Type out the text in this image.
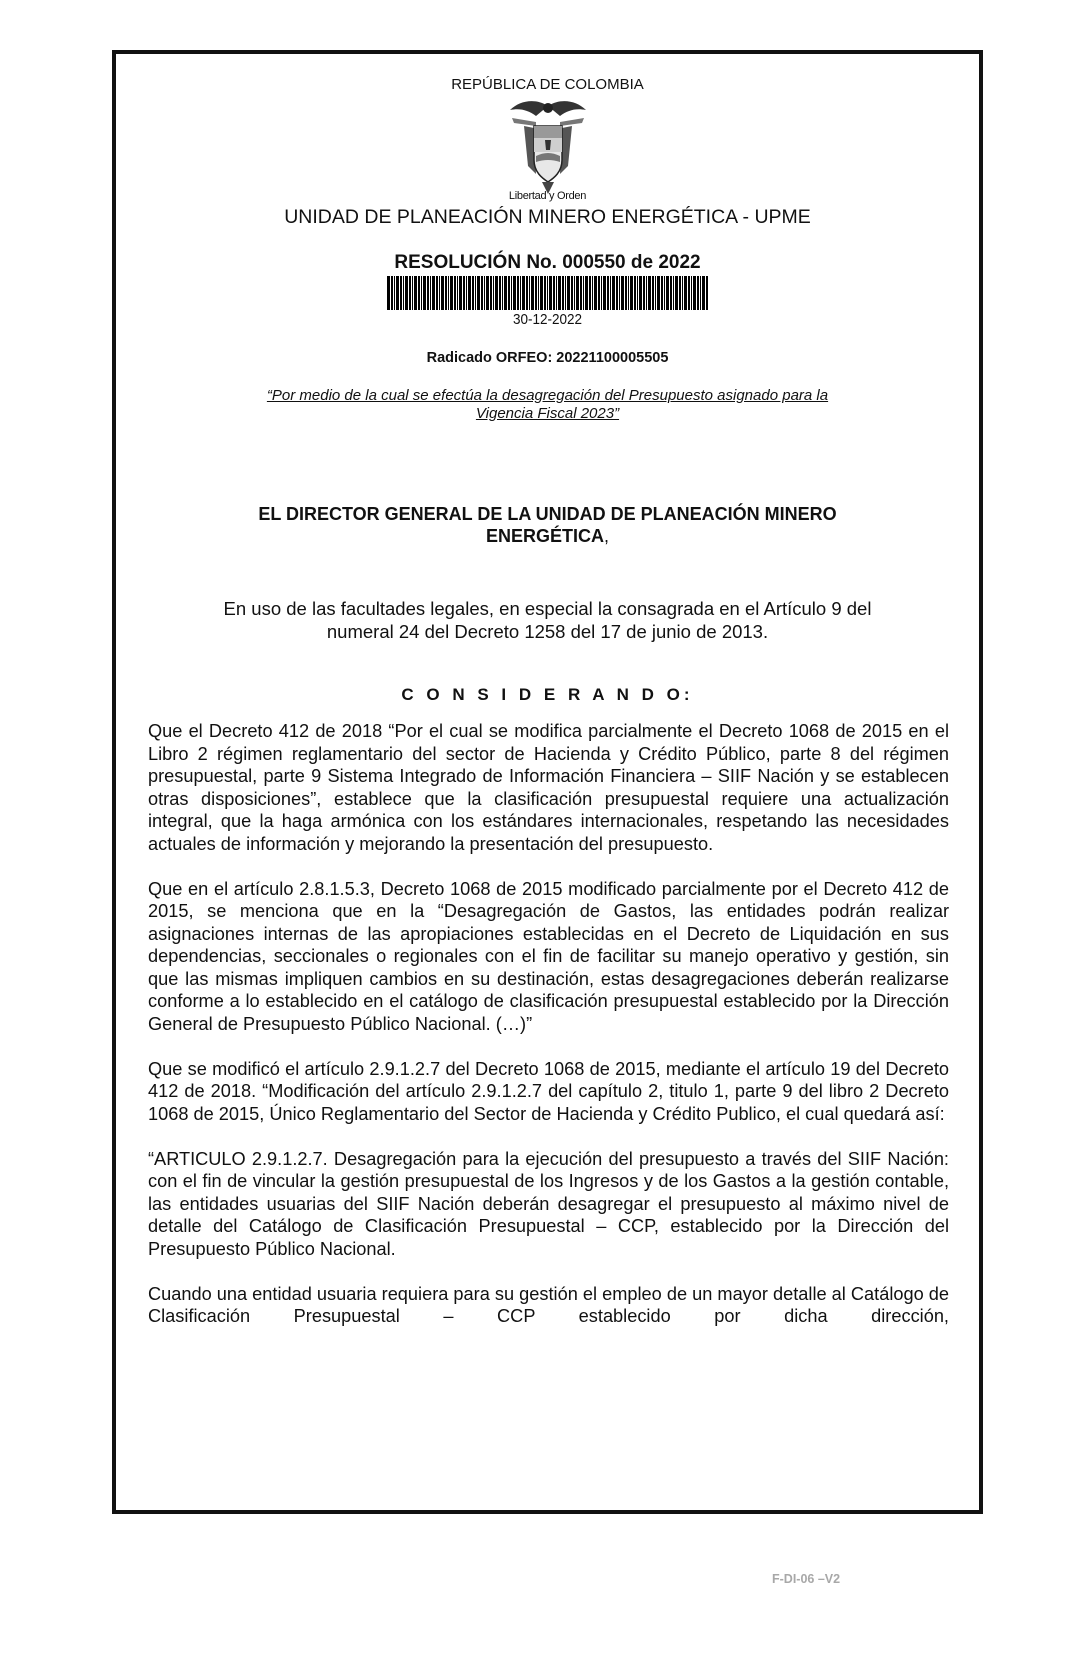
REPÚBLICA DE COLOMBIA
Libertad y Orden
UNIDAD DE PLANEACIÓN MINERO ENERGÉTICA - UPME
RESOLUCIÓN No. 000550 de 2022
30-12-2022
Radicado ORFEO: 20221100005505
“Por medio de la cual se efectúa la desagregación del Presupuesto asignado para la
Vigencia Fiscal 2023”
EL DIRECTOR GENERAL DE LA UNIDAD DE PLANEACIÓN MINERO
ENERGÉTICA,
En uso de las facultades legales, en especial la consagrada en el Artículo 9 del
numeral 24 del Decreto 1258 del 17 de junio de 2013.
C O N S I D E R A N D O:

Que el Decreto 412 de 2018 “Por el cual se modifica parcialmente el Decreto 1068 de 2015 en el Libro 2 régimen reglamentario del sector de Hacienda y Crédito Público, parte 8 del régimen presupuestal, parte 9 Sistema Integrado de Información Financiera – SIIF Nación y se establecen otras disposiciones”, establece que la clasificación presupuestal requiere una actualización integral, que la haga armónica con los estándares internacionales, respetando las necesidades actuales de información y mejorando la presentación del presupuesto.

Que en el artículo 2.8.1.5.3, Decreto 1068 de 2015 modificado parcialmente por el Decreto 412 de 2015, se menciona que en la “Desagregación de Gastos, las entidades podrán realizar asignaciones internas de las apropiaciones establecidas en el Decreto de Liquidación en sus dependencias, seccionales o regionales con el fin de facilitar su manejo operativo y gestión, sin que las mismas impliquen cambios en su destinación, estas desagregaciones deberán realizarse conforme a lo establecido en el catálogo de clasificación presupuestal establecido por la Dirección General de Presupuesto Público Nacional. (…)”

Que se modificó el artículo 2.9.1.2.7 del Decreto 1068 de 2015, mediante el artículo 19 del Decreto 412 de 2018. “Modificación del artículo 2.9.1.2.7 del capítulo 2, titulo 1, parte 9 del libro 2 Decreto 1068 de 2015, Único Reglamentario del Sector de Hacienda y Crédito Publico, el cual quedará así:

“ARTICULO 2.9.1.2.7. Desagregación para la ejecución del presupuesto a través del SIIF Nación: con el fin de vincular la gestión presupuestal de los Ingresos y de los Gastos a la gestión contable, las entidades usuarias del SIIF Nación deberán desagregar el presupuesto al máximo nivel de detalle del Catálogo de Clasificación Presupuestal – CCP, establecido por la Dirección del Presupuesto Público Nacional.

Cuando una entidad usuaria requiera para su gestión el empleo de un mayor detalle al Catálogo de Clasificación Presupuestal – CCP establecido por dicha dirección,

F-DI-06 –V2
